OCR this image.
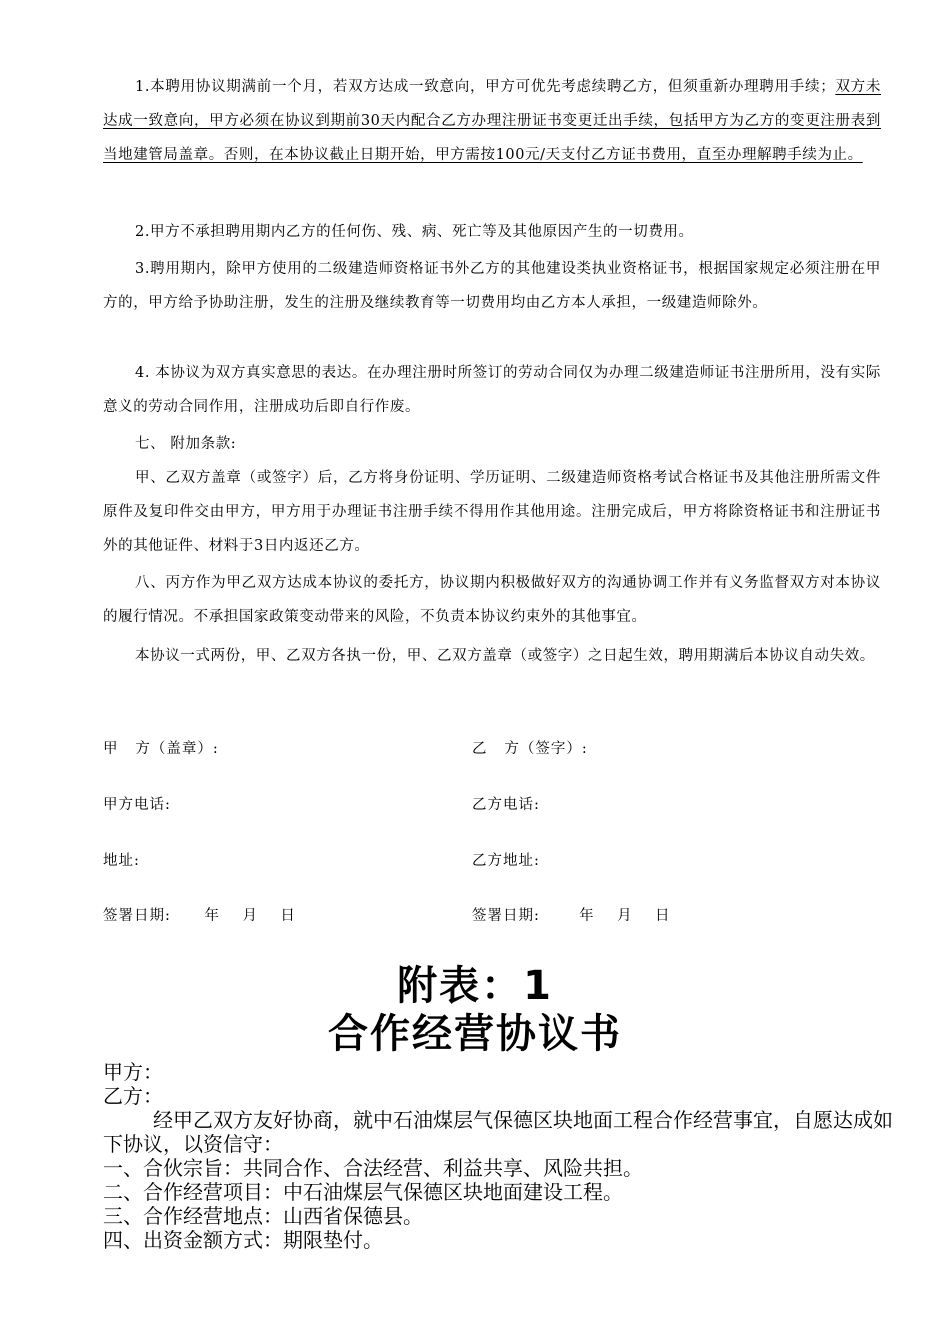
1.本聘用协议期满前一个月，若双方达成一致意向，甲方可优先考虑续聘乙方，但须重新办理聘用手续；双方未达成一致意向，甲方必须在协议到期前30天内配合乙方办理注册证书变更迁出手续，包括甲方为乙方的变更注册表到当地建管局盖章。否则，在本协议截止日期开始，甲方需按100元/天支付乙方证书费用，直至办理解聘手续为止。

2.甲方不承担聘用期内乙方的任何伤、残、病、死亡等及其他原因产生的一切费用。

3.聘用期内，除甲方使用的二级建造师资格证书外乙方的其他建设类执业资格证书，根据国家规定必须注册在甲方的，甲方给予协助注册，发生的注册及继续教育等一切费用均由乙方本人承担，一级建造师除外。

4. 本协议为双方真实意思的表达。在办理注册时所签订的劳动合同仅为办理二级建造师证书注册所用，没有实际意义的劳动合同作用，注册成功后即自行作废。

七、 附加条款:

甲、乙双方盖章（或签字）后，乙方将身份证明、学历证明、二级建造师资格考试合格证书及其他注册所需文件原件及复印件交由甲方，甲方用于办理证书注册手续不得用作其他用途。注册完成后，甲方将除资格证书和注册证书外的其他证件、材料于3日内返还乙方。

八、丙方作为甲乙双方达成本协议的委托方，协议期内积极做好双方的沟通协调工作并有义务监督双方对本协议的履行情况。不承担国家政策变动带来的风险，不负责本协议约束外的其他事宜。

本协议一式两份，甲、乙双方各执一份，甲、乙双方盖章（或签字）之日起生效，聘用期满后本协议自动失效。

甲   方（盖章）:	乙   方（签字）:
甲方电话:	乙方电话:
地址:	乙方地址:
签署日期:      年    月    日	签署日期:       年    月    日
附表：1
合作经营协议书

甲方：

乙方：

经甲乙双方友好协商，就中石油煤层气保德区块地面工程合作经营事宜，自愿达成如下协议，以资信守：

一、合伙宗旨：共同合作、合法经营、利益共享、风险共担。

二、合作经营项目：中石油煤层气保德区块地面建设工程。

三、合作经营地点：山西省保德县。

四、出资金额方式：期限垫付。
